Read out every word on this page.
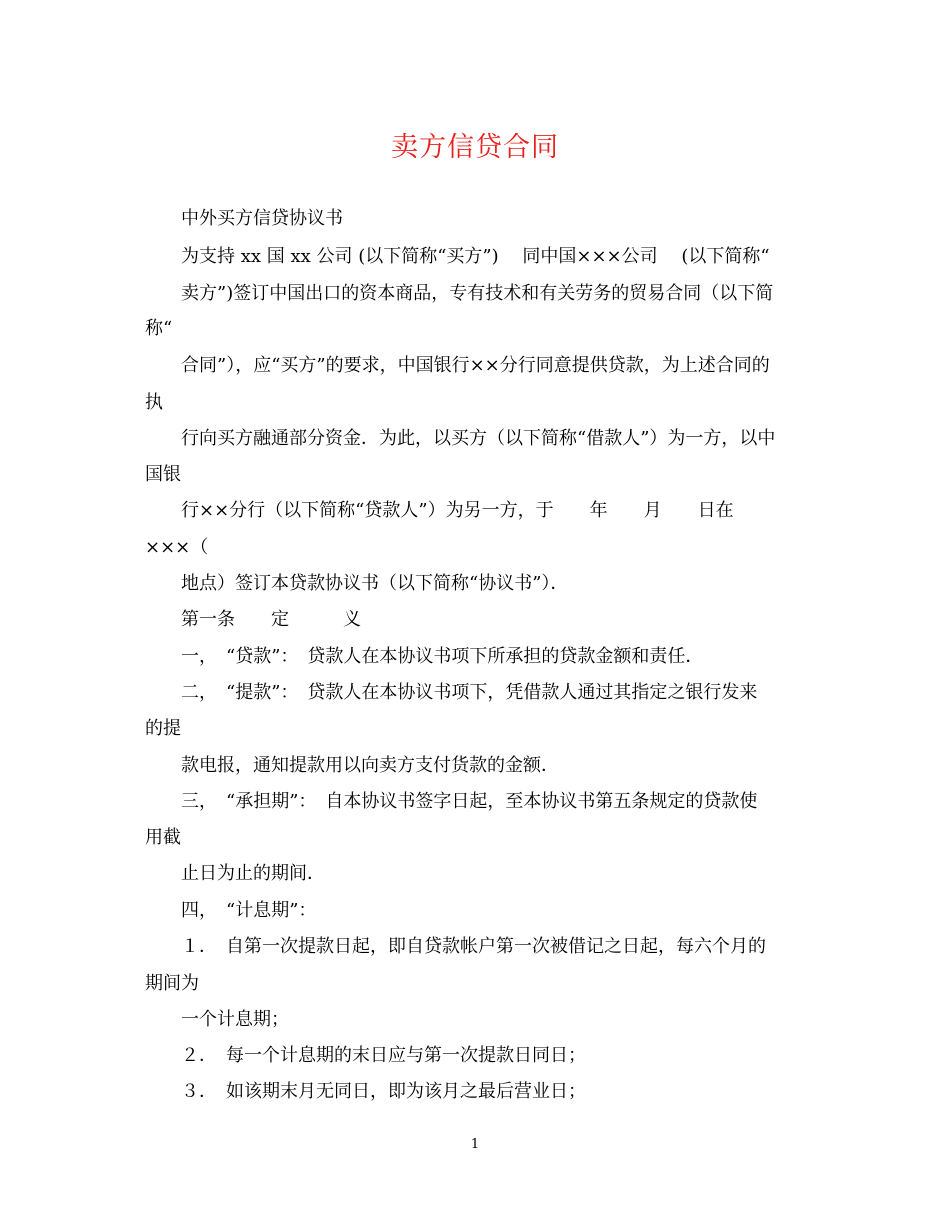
卖方信贷合同

中外买方信贷协议书

为支持 xx 国 xx 公司 (以下简称“买方”)　 同中国×××公司　 (以下简称“

卖方”)签订中国出口的资本商品，专有技术和有关劳务的贸易合同（以下简

称“

合同”），应“买方”的要求，中国银行××分行同意提供贷款，为上述合同的

执

行向买方融通部分资金．为此，以买方（以下简称“借款人”）为一方，以中

国银

行××分行（以下简称“贷款人”）为另一方，于　　年　　月　　日在

×××（

地点）签订本贷款协议书（以下简称“协议书”）．

第一条　　定　　　义

一，　“贷款”：　贷款人在本协议书项下所承担的贷款金额和责任．

二，　“提款”：　贷款人在本协议书项下，凭借款人通过其指定之银行发来

的提

款电报，通知提款用以向卖方支付货款的金额．

三，　“承担期”：　自本协议书签字日起，至本协议书第五条规定的贷款使

用截

止日为止的期间．

四，　“计息期”：

１．　自第一次提款日起，即自贷款帐户第一次被借记之日起，每六个月的

期间为

一个计息期；

２．　每一个计息期的末日应与第一次提款日同日；

３．　如该期末月无同日，即为该月之最后营业日；

1
